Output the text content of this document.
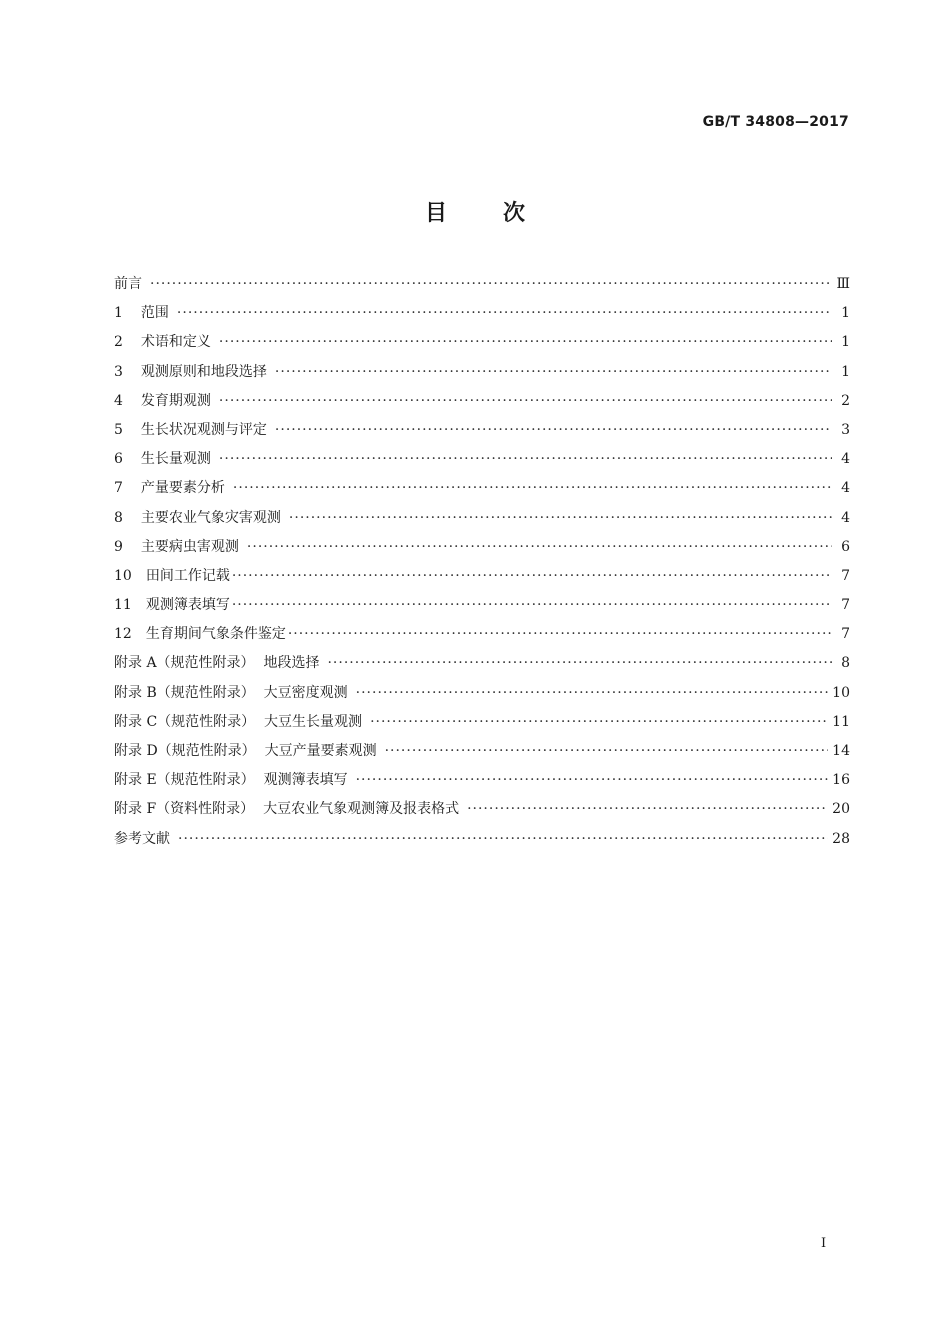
GB/T 34808—2017
目次
前言 ·····	Ⅲ
1 范围 ·····	1
2 术语和定义 ·····	1
3 观测原则和地段选择 ·····	1
4 发育期观测 ·····	2
5 生长状况观测与评定 ·····	3
6 生长量观测 ·····	4
7 产量要素分析 ·····	4
8 主要农业气象灾害观测 ·····	4
9 主要病虫害观测 ·····	6
10 田间工作记载 ·····	7
11 观测簿表填写 ·····	7
12 生育期间气象条件鉴定 ·····	7
附录 A（规范性附录）  地段选择 ·····	8
附录 B（规范性附录）  大豆密度观测 ·····	10
附录 C（规范性附录）  大豆生长量观测 ·····	11
附录 D（规范性附录）  大豆产量要素观测 ·····	14
附录 E（规范性附录）  观测簿表填写 ·····	16
附录 F（资料性附录）  大豆农业气象观测簿及报表格式 ·····	20
参考文献 ·····	28
Ⅰ
